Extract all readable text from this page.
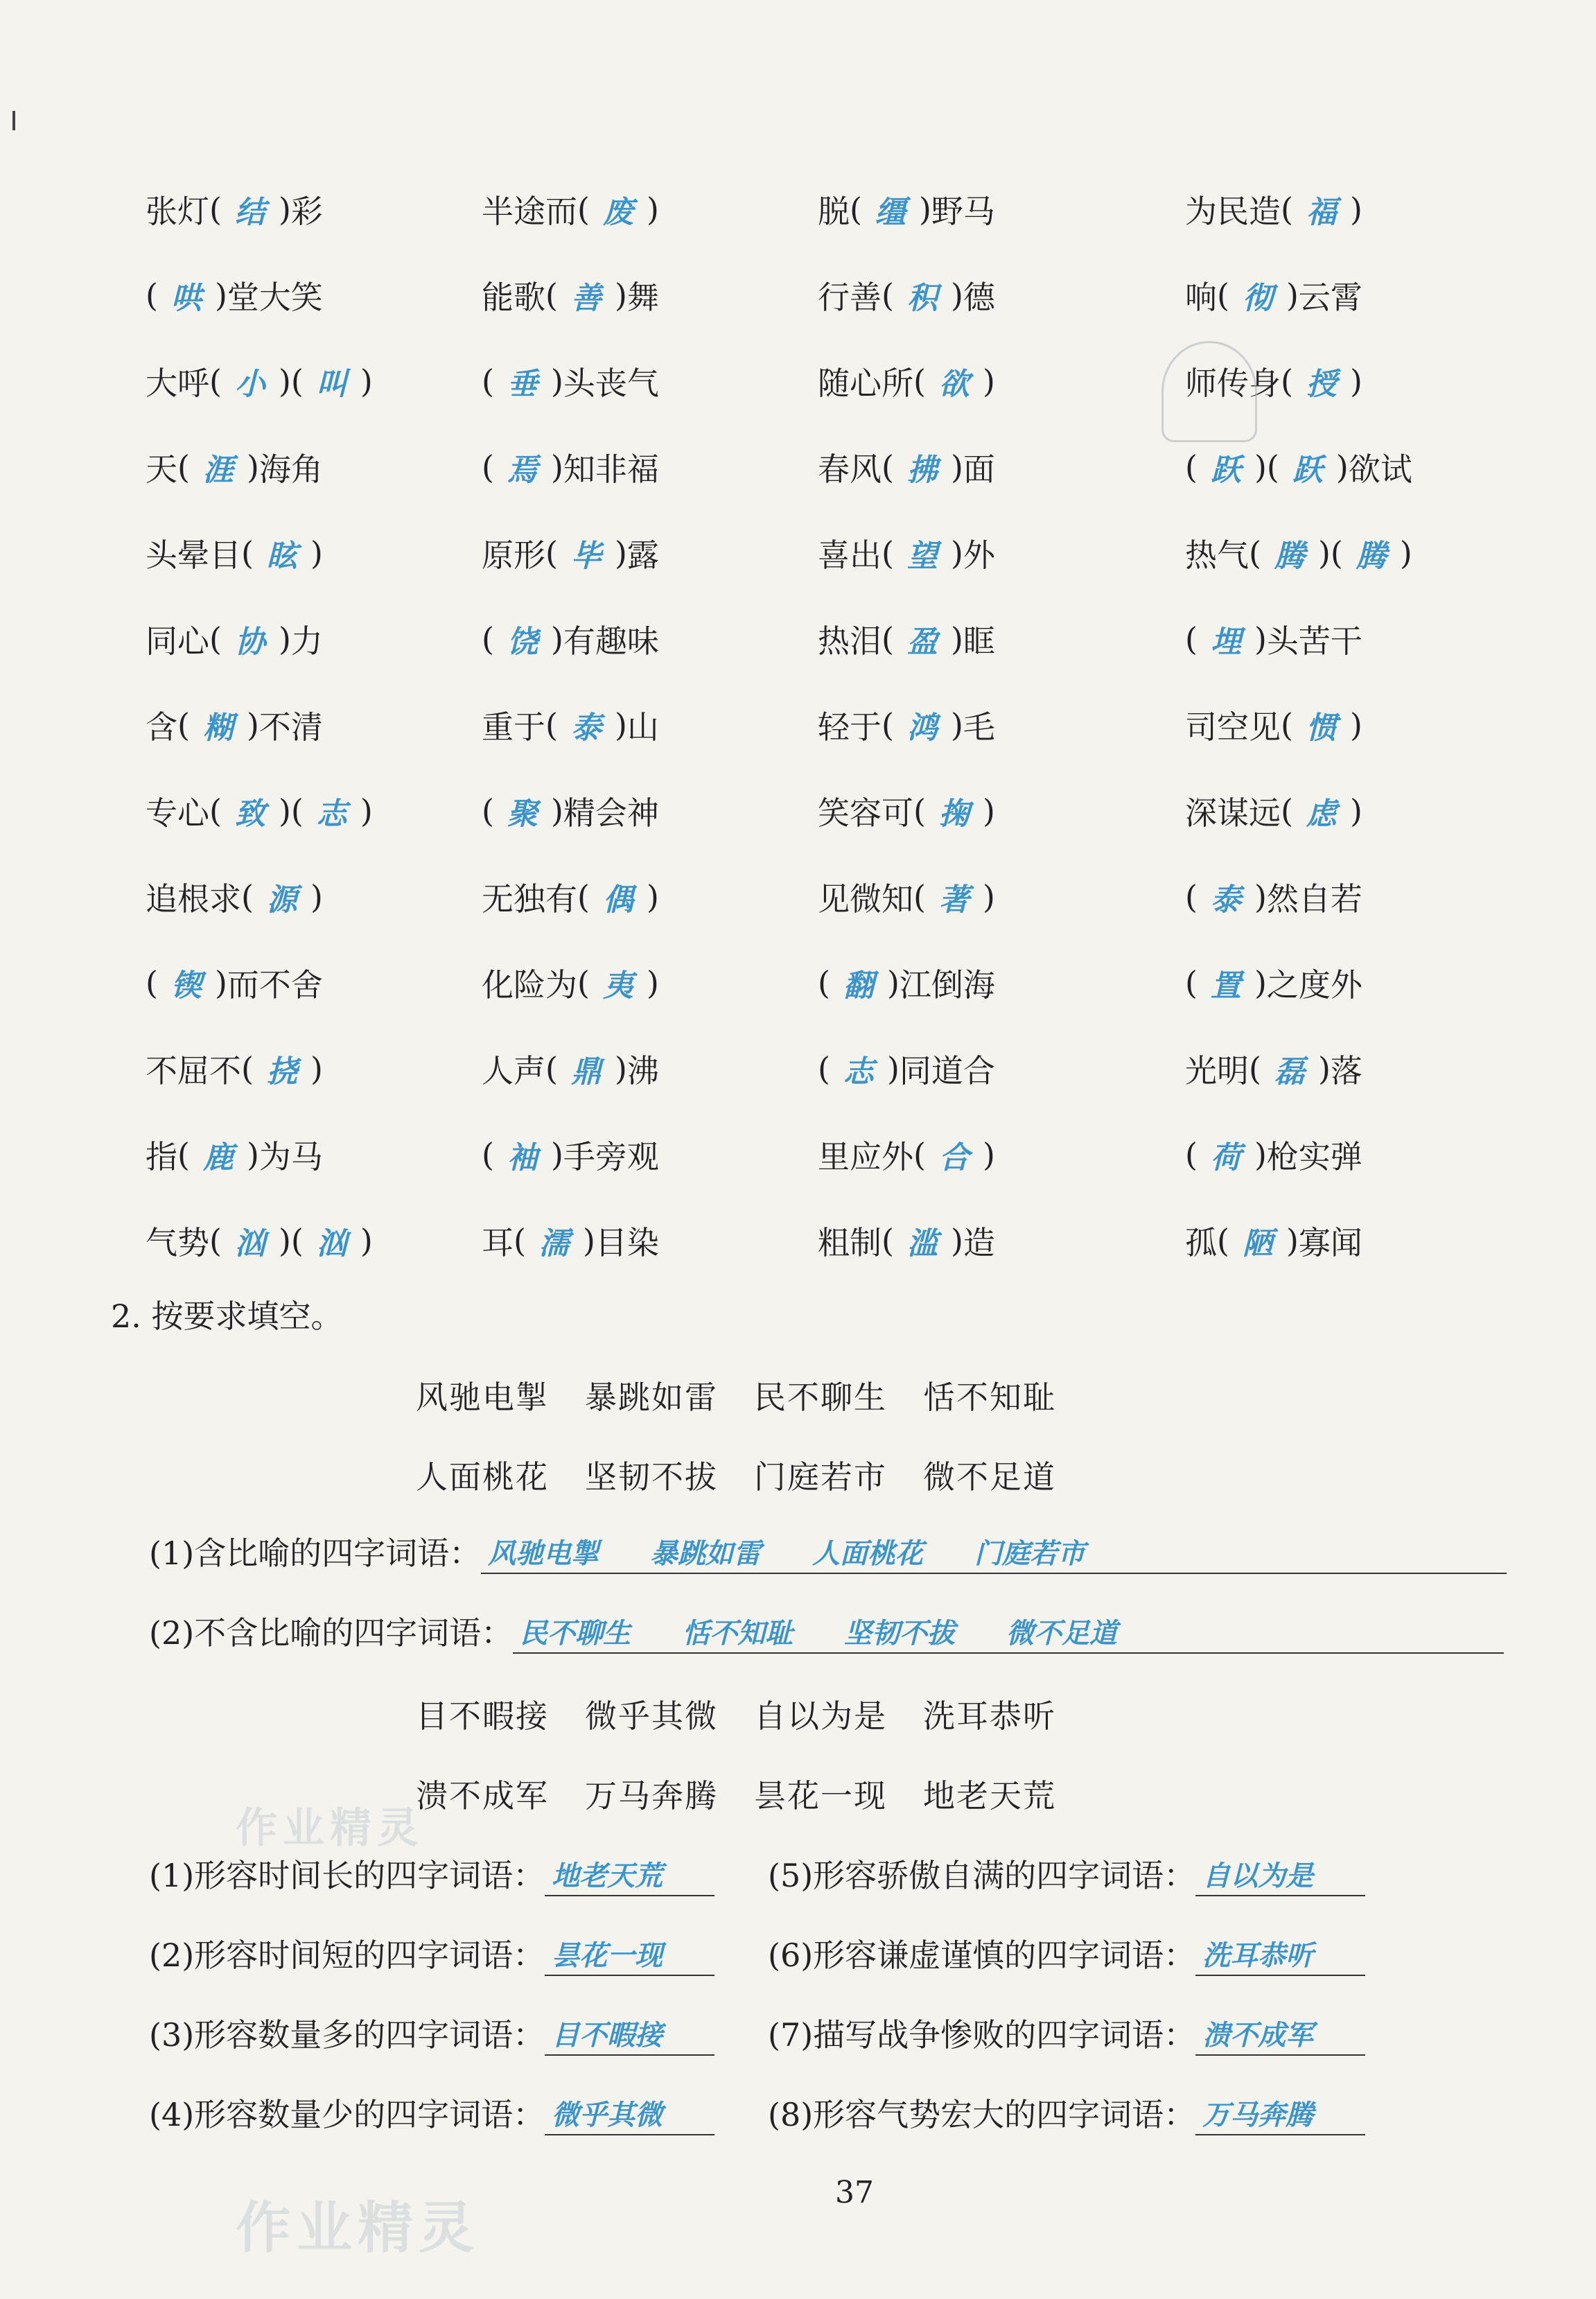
张灯 ( 结 ) 彩	半途而 ( 废 )	脱 ( 缰 ) 野马	为民造 ( 福 )
( 哄 ) 堂大笑	能歌 ( 善 ) 舞	行善 ( 积 ) 德	响 ( 彻 ) 云霄
大呼 ( 小 ) ( 叫 )	( 垂 ) 头丧气	随心所 ( 欲 )	师传身 ( 授 )
天 ( 涯 ) 海角	( 焉 ) 知非福	春风 ( 拂 ) 面	( 跃 ) ( 跃 ) 欲试
头晕目 ( 眩 )	原形 ( 毕 ) 露	喜出 ( 望 ) 外	热气 ( 腾 ) ( 腾 )
同心 ( 协 ) 力	( 饶 ) 有趣味	热泪 ( 盈 ) 眶	( 埋 ) 头苦干
含 ( 糊 ) 不清	重于 ( 泰 ) 山	轻于 ( 鸿 ) 毛	司空见 ( 惯 )
专心 ( 致 ) ( 志 )	( 聚 ) 精会神	笑容可 ( 掬 )	深谋远 ( 虑 )
追根求 ( 源 )	无独有 ( 偶 )	见微知 ( 著 )	( 泰 ) 然自若
( 锲 ) 而不舍	化险为 ( 夷 )	( 翻 ) 江倒海	( 置 ) 之度外
不屈不 ( 挠 )	人声 ( 鼎 ) 沸	( 志 ) 同道合	光明 ( 磊 ) 落
指 ( 鹿 ) 为马	( 袖 ) 手旁观	里应外 ( 合 )	( 荷 ) 枪实弹
气势 ( 汹 ) ( 汹 )	耳 ( 濡 ) 目染	粗制 ( 滥 ) 造	孤 ( 陋 ) 寡闻
2. 按要求填空。
风驰电掣 暴跳如雷 民不聊生 恬不知耻
人面桃花 坚韧不拔 门庭若市 微不足道
(1)含比喻的四字词语： 风驰电掣 暴跳如雷 人面桃花 门庭若市
(2)不含比喻的四字词语： 民不聊生 恬不知耻 坚韧不拔 微不足道
目不暇接 微乎其微 自以为是 洗耳恭听
溃不成军 万马奔腾 昙花一现 地老天荒
(1)形容时间长的四字词语： 地老天荒
(2)形容时间短的四字词语： 昙花一现
(3)形容数量多的四字词语： 目不暇接
(4)形容数量少的四字词语： 微乎其微
(5)形容骄傲自满的四字词语： 自以为是
(6)形容谦虚谨慎的四字词语： 洗耳恭听
(7)描写战争惨败的四字词语： 溃不成军
(8)形容气势宏大的四字词语： 万马奔腾
作业精灵
作业精灵
37
